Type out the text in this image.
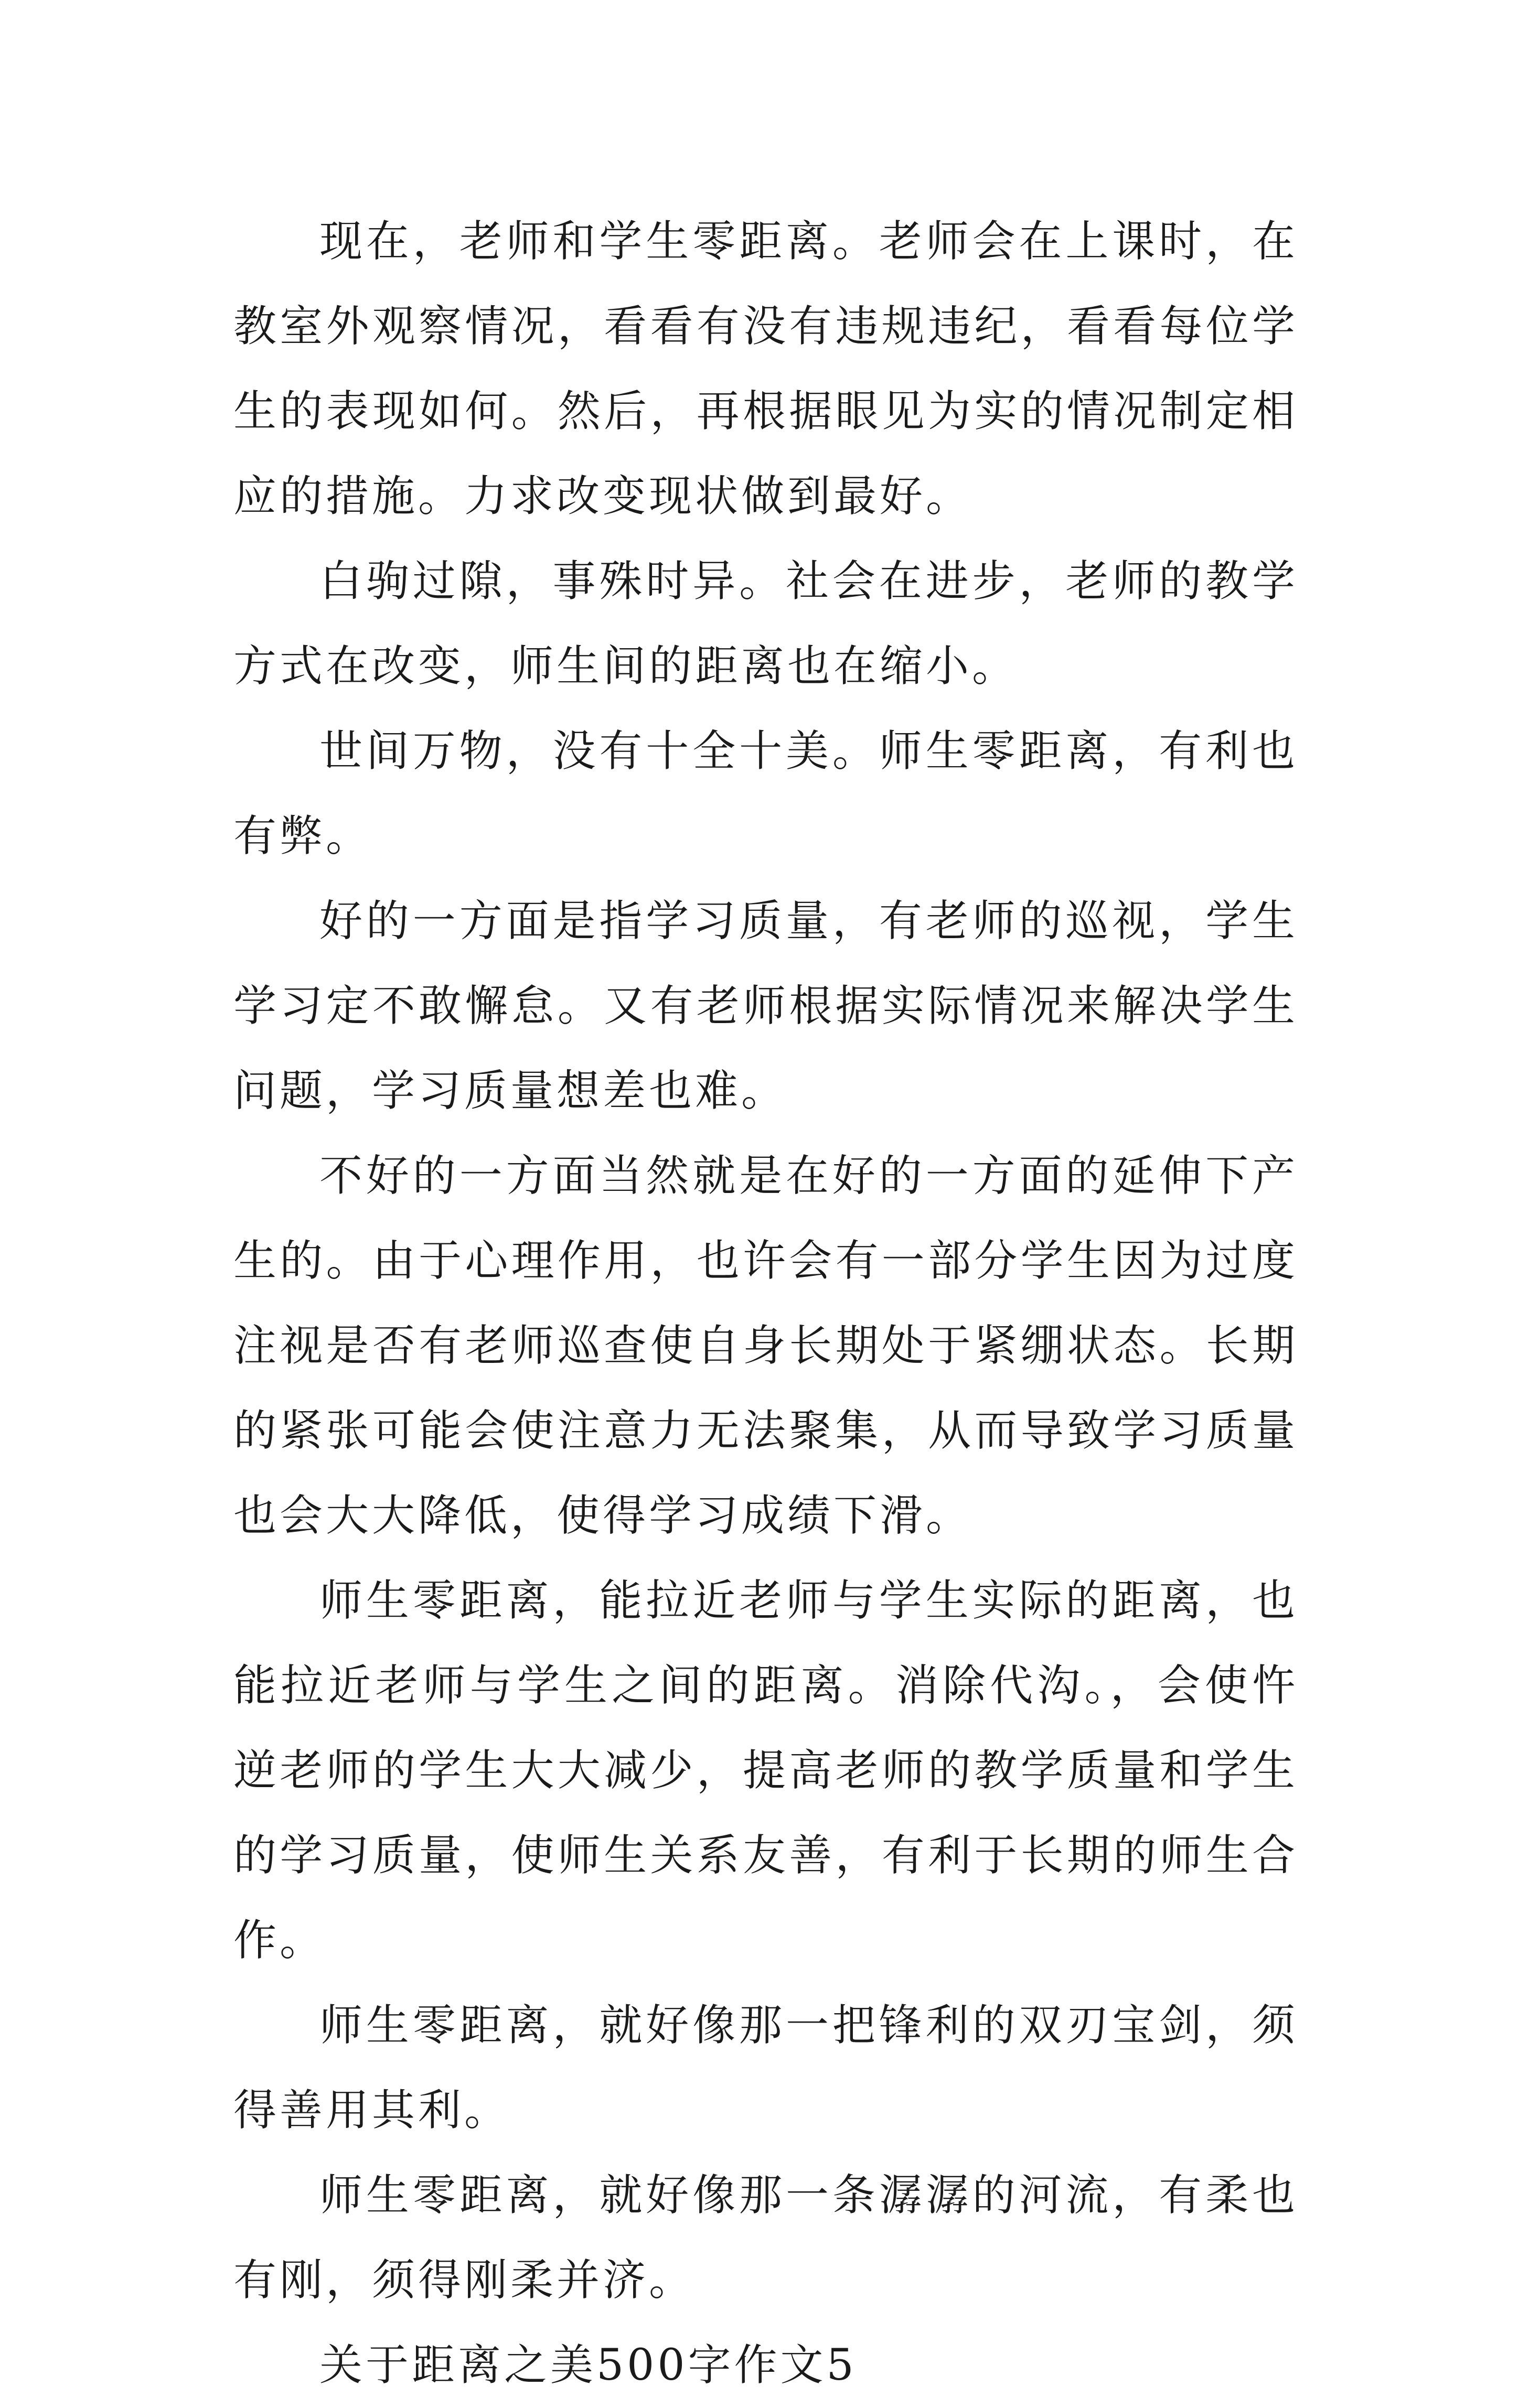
现在，老师和学生零距离。老师会在上课时，在教室外观察情况，看看有没有违规违纪，看看每位学生的表现如何。然后，再根据眼见为实的情况制定相应的措施。力求改变现状做到最好。

白驹过隙，事殊时异。社会在进步，老师的教学方式在改变，师生间的距离也在缩小。

世间万物，没有十全十美。师生零距离，有利也有弊。

好的一方面是指学习质量，有老师的巡视，学生学习定不敢懈怠。又有老师根据实际情况来解决学生问题，学习质量想差也难。

不好的一方面当然就是在好的一方面的延伸下产生的。由于心理作用，也许会有一部分学生因为过度注视是否有老师巡查使自身长期处于紧绷状态。长期的紧张可能会使注意力无法聚集，从而导致学习质量也会大大降低，使得学习成绩下滑。

师生零距离，能拉近老师与学生实际的距离，也能拉近老师与学生之间的距离。消除代沟。，会使忤逆老师的学生大大减少，提高老师的教学质量和学生的学习质量，使师生关系友善，有利于长期的师生合作。

师生零距离，就好像那一把锋利的双刃宝剑，须得善用其利。

师生零距离，就好像那一条潺潺的河流，有柔也有刚，须得刚柔并济。

关于距离之美500字作文5
